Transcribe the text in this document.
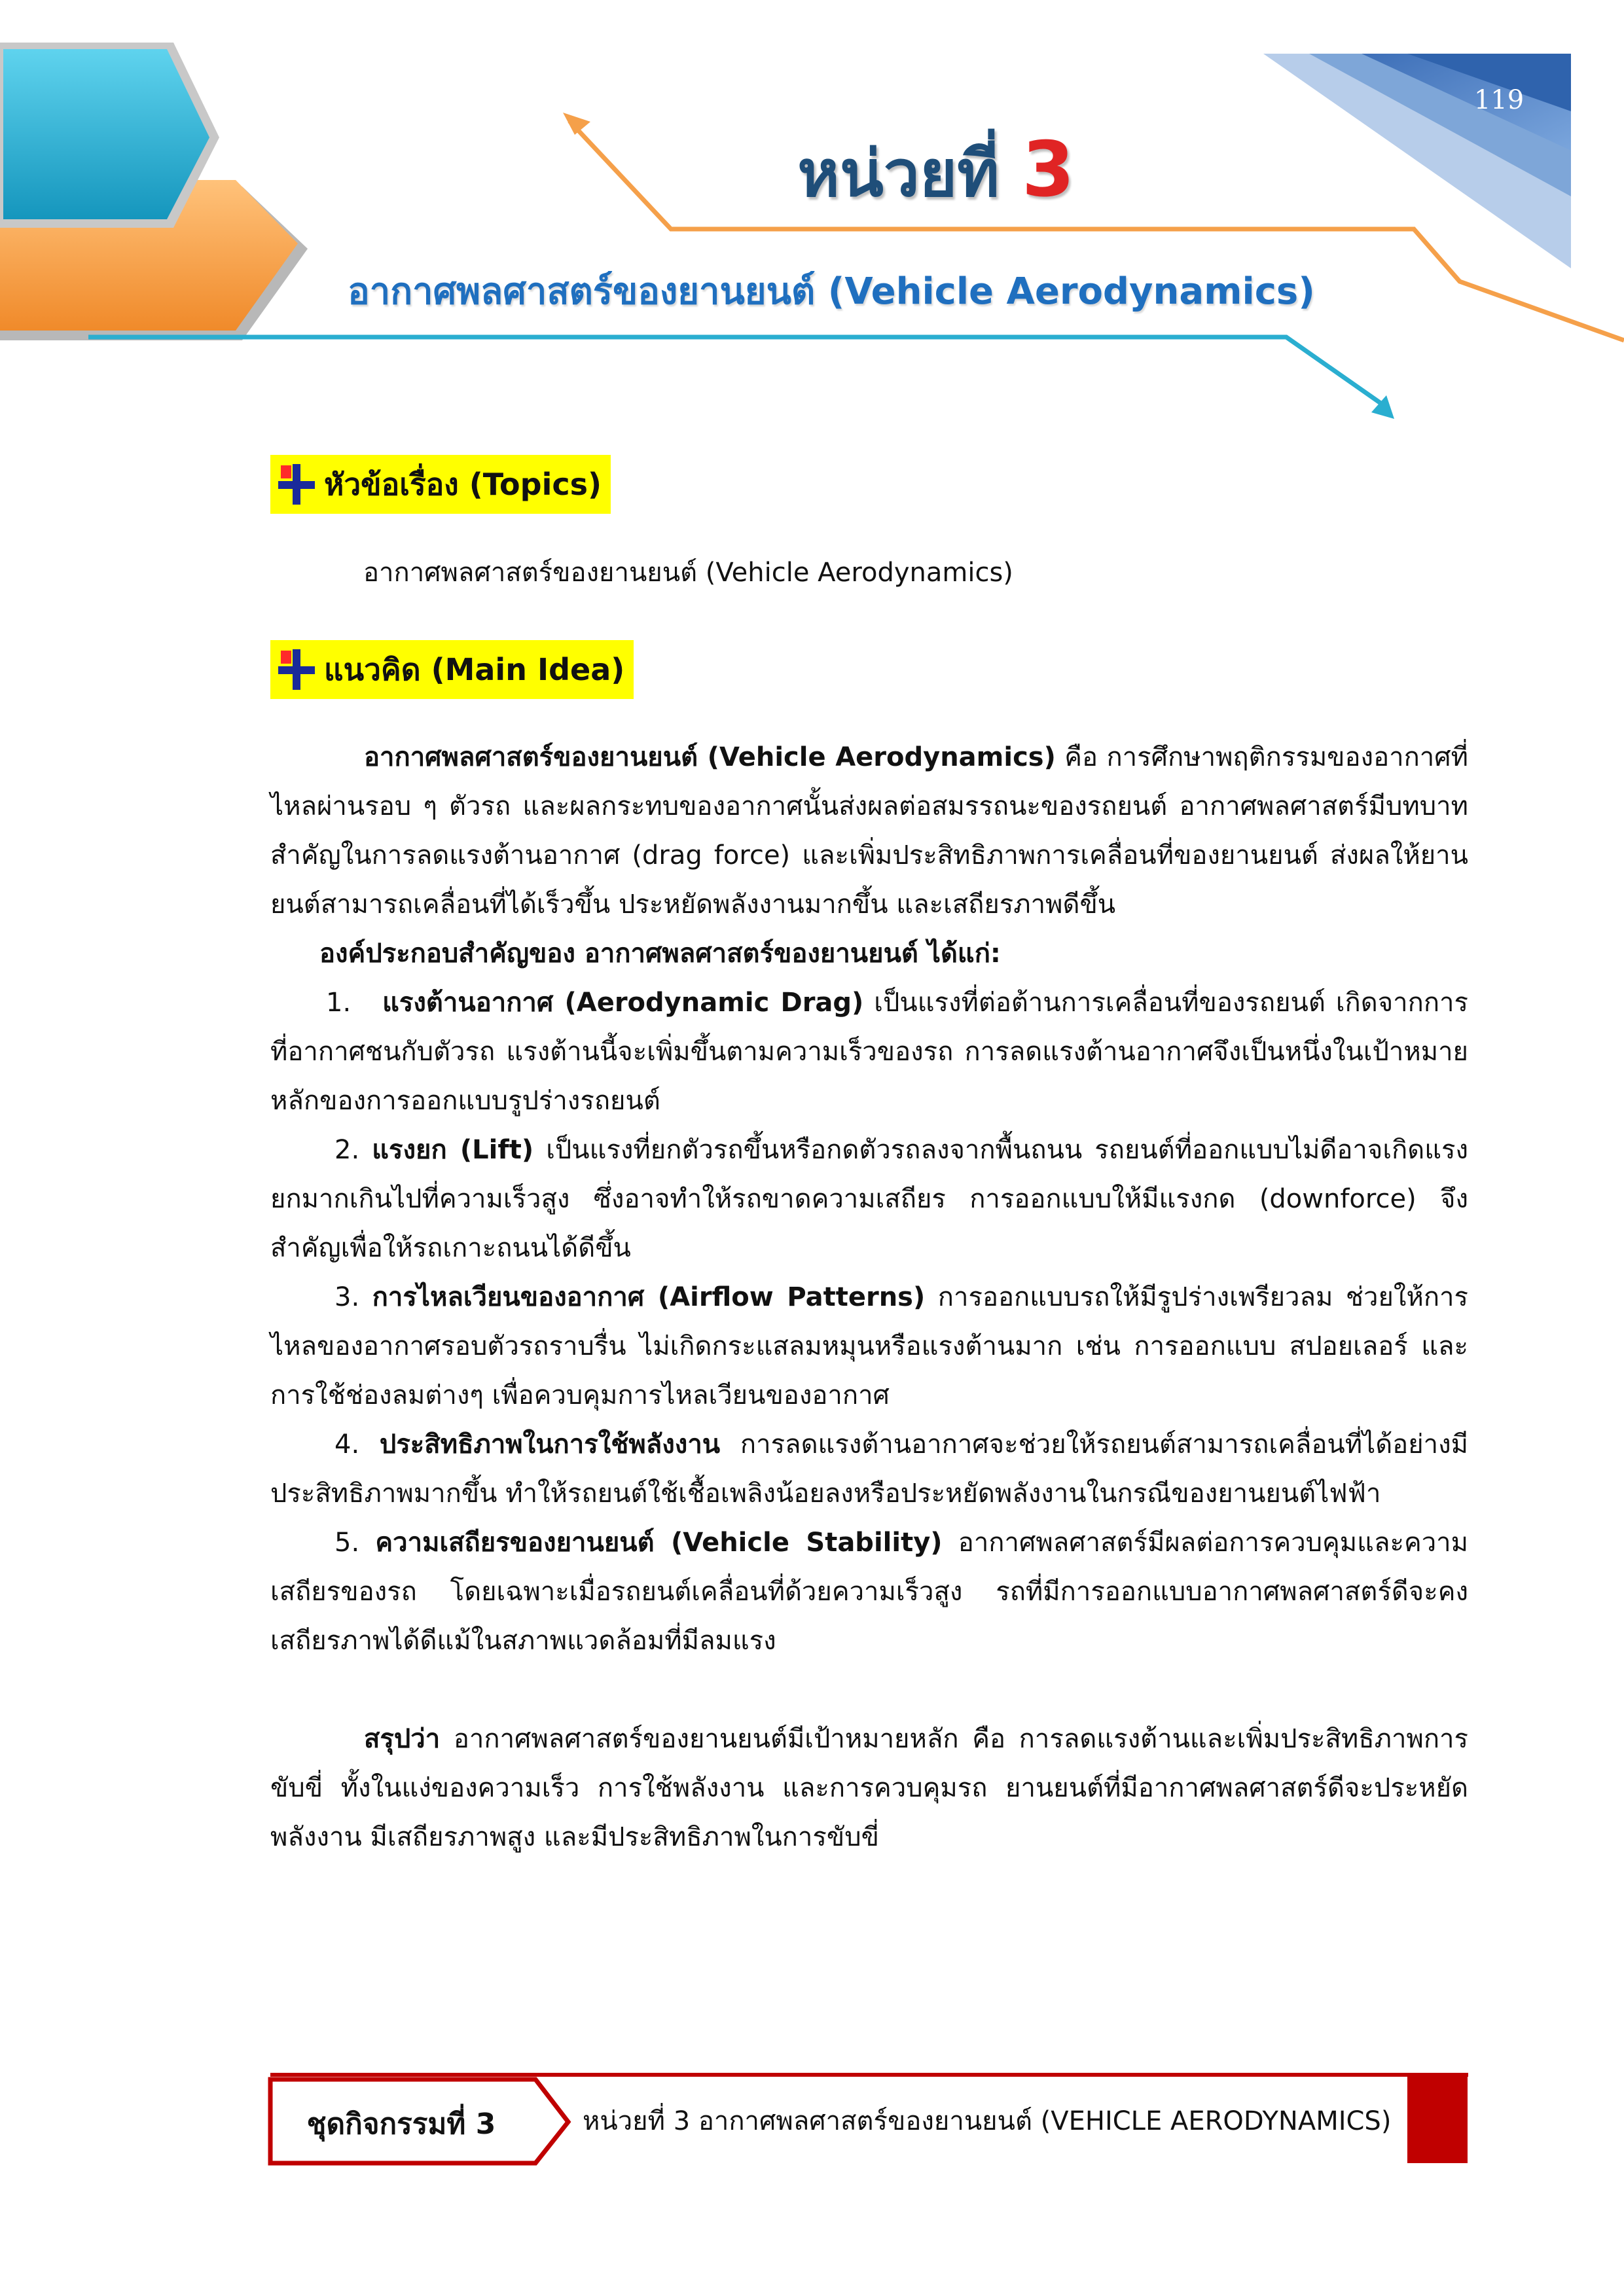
119
หน่วยที่ 3
อากาศพลศาสตร์ของยานยนต์ (Vehicle Aerodynamics)
หัวข้อเรื่อง (Topics)
อากาศพลศาสตร์ของยานยนต์ (Vehicle Aerodynamics)
แนวคิด (Main Idea)

อากาศพลศาสตร์ของยานยนต์ (Vehicle Aerodynamics) คือ การศึกษาพฤติกรรมของอากาศที่ไหลผ่านรอบ ๆ ตัวรถ และผลกระทบของอากาศนั้นส่งผลต่อสมรรถนะของรถยนต์ อากาศพลศาสตร์มีบทบาทสำคัญในการลดแรงต้านอากาศ (drag force) และเพิ่มประสิทธิภาพการเคลื่อนที่ของยานยนต์ ส่งผลให้ยานยนต์สามารถเคลื่อนที่ได้เร็วขึ้น ประหยัดพลังงานมากขึ้น และเสถียรภาพดีขึ้น

องค์ประกอบสำคัญของ อากาศพลศาสตร์ของยานยนต์ ได้แก่:

1. แรงต้านอากาศ (Aerodynamic Drag) เป็นแรงที่ต่อต้านการเคลื่อนที่ของรถยนต์ เกิดจากการที่อากาศชนกับตัวรถ แรงต้านนี้จะเพิ่มขึ้นตามความเร็วของรถ การลดแรงต้านอากาศจึงเป็นหนึ่งในเป้าหมายหลักของการออกแบบรูปร่างรถยนต์

2. แรงยก (Lift) เป็นแรงที่ยกตัวรถขึ้นหรือกดตัวรถลงจากพื้นถนน รถยนต์ที่ออกแบบไม่ดีอาจเกิดแรงยกมากเกินไปที่ความเร็วสูง ซึ่งอาจทำให้รถขาดความเสถียร การออกแบบให้มีแรงกด (downforce) จึงสำคัญเพื่อให้รถเกาะถนนได้ดีขึ้น

3. การไหลเวียนของอากาศ (Airflow Patterns) การออกแบบรถให้มีรูปร่างเพรียวลม ช่วยให้การไหลของอากาศรอบตัวรถราบรื่น ไม่เกิดกระแสลมหมุนหรือแรงต้านมาก เช่น การออกแบบ สปอยเลอร์ และการใช้ช่องลมต่างๆ เพื่อควบคุมการไหลเวียนของอากาศ

4. ประสิทธิภาพในการใช้พลังงาน การลดแรงต้านอากาศจะช่วยให้รถยนต์สามารถเคลื่อนที่ได้อย่างมีประสิทธิภาพมากขึ้น ทำให้รถยนต์ใช้เชื้อเพลิงน้อยลงหรือประหยัดพลังงานในกรณีของยานยนต์ไฟฟ้า

5. ความเสถียรของยานยนต์ (Vehicle Stability) อากาศพลศาสตร์มีผลต่อการควบคุมและความเสถียรของรถ โดยเฉพาะเมื่อรถยนต์เคลื่อนที่ด้วยความเร็วสูง รถที่มีการออกแบบอากาศพลศาสตร์ดีจะคงเสถียรภาพได้ดีแม้ในสภาพแวดล้อมที่มีลมแรง

สรุปว่า อากาศพลศาสตร์ของยานยนต์มีเป้าหมายหลัก คือ การลดแรงต้านและเพิ่มประสิทธิภาพการขับขี่ ทั้งในแง่ของความเร็ว การใช้พลังงาน และการควบคุมรถ ยานยนต์ที่มีอากาศพลศาสตร์ดีจะประหยัดพลังงาน มีเสถียรภาพสูง และมีประสิทธิภาพในการขับขี่

ชุดกิจกรรมที่ 3	หน่วยที่ 3 อากาศพลศาสตร์ของยานยนต์ (VEHICLE AERODYNAMICS)
